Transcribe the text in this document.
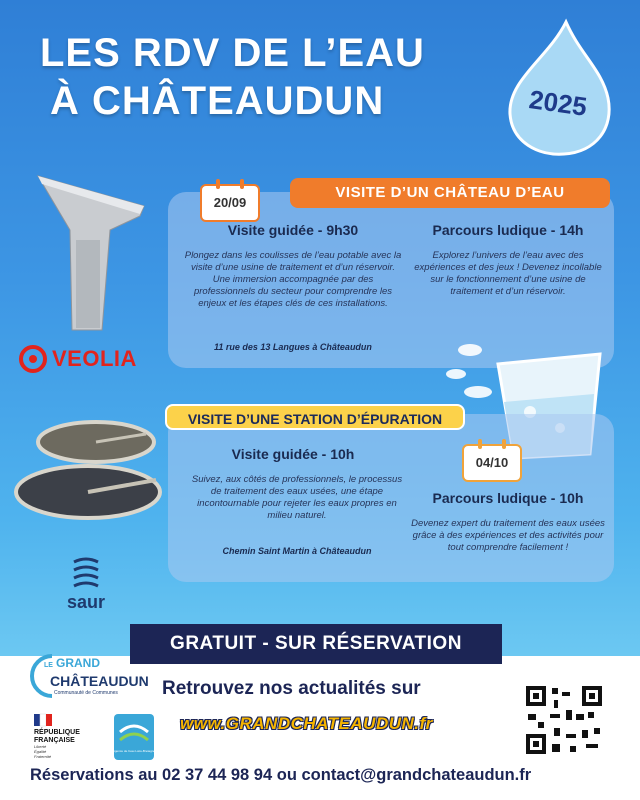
LES RDV DE L’EAU
À CHÂTEAUDUN	2025
VEOLIA
VISITE D’UN CHÂTEAU D’EAU
20/09
Visite guidée - 9h30
Plongez dans les coulisses de l’eau potable avec la visite d’une usine de traitement et d’un réservoir. Une immersion accompagnée par des professionnels du secteur pour comprendre les enjeux et les étapes clés de ces installations.
11 rue des 13 Langues à Châteaudun
Parcours ludique - 14h
Explorez l’univers de l’eau avec des expériences et des jeux ! Devenez incollable sur le fonctionnement d’une usine de traitement et d’un réservoir.
VISITE D’UNE STATION D’ÉPURATION
04/10
Visite guidée - 10h
Suivez, aux côtés de professionnels, le processus de traitement des eaux usées, une étape incontournable pour rejeter les eaux propres en milieu naturel.
Chemin Saint Martin à Châteaudun
Parcours ludique - 10h
Devenez expert du traitement des eaux usées grâce à des expériences et des activités pour tout comprendre facilement !
saur
GRATUIT - SUR RÉSERVATION
LE GRAND
CHÂTEAUDUN
Communauté de Communes
RÉPUBLIQUE
FRANÇAISE
Liberté
Égalité
Fraternité
Agence de l’eau Loire-Bretagne
Retrouvez nos actualités sur
www.GRANDCHATEAUDUN.fr
Réservations au 02 37 44 98 94 ou contact@grandchateaudun.fr
